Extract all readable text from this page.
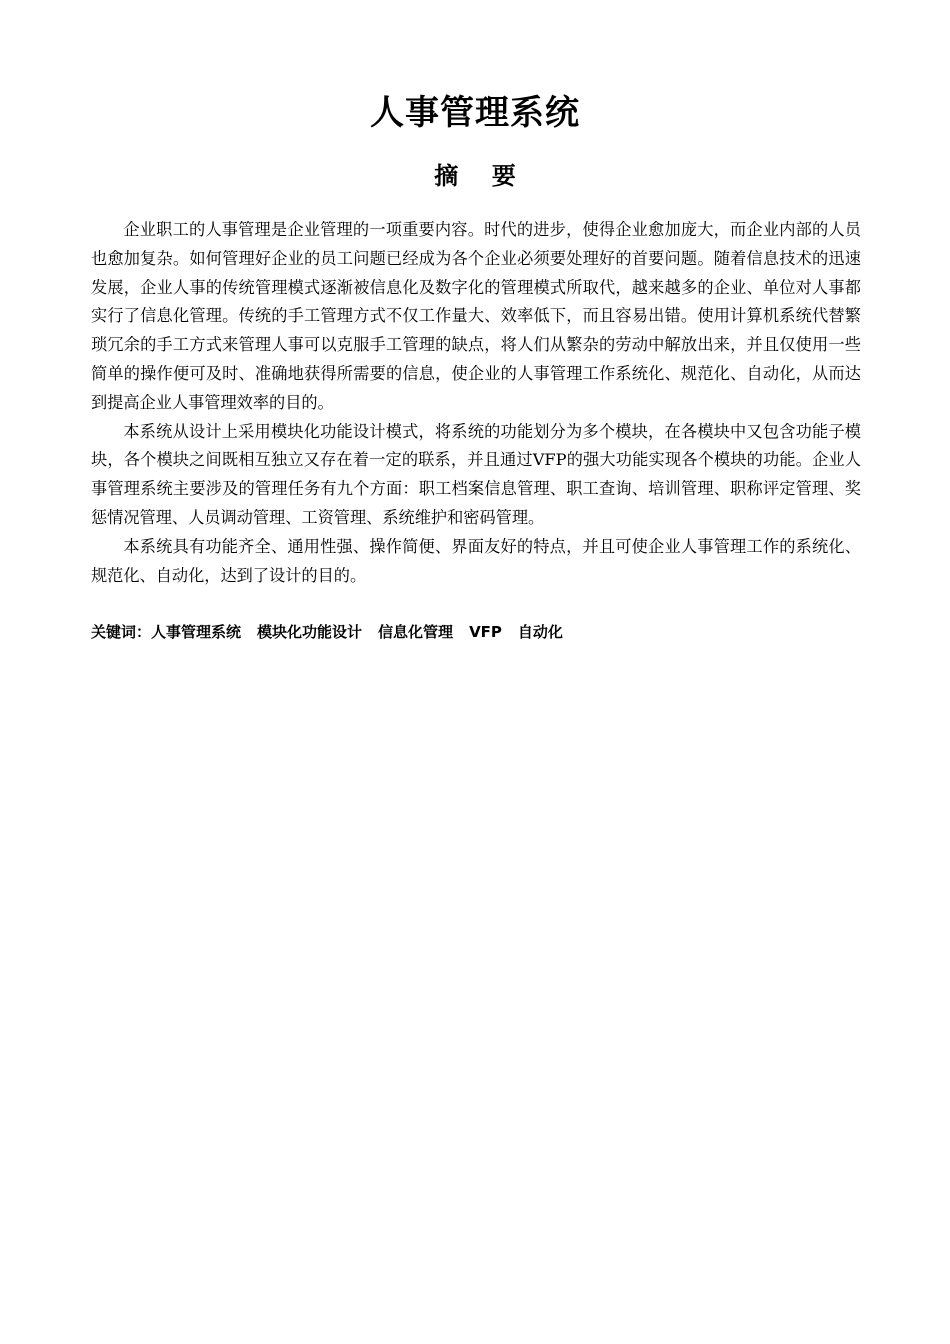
人事管理系统
摘    要

企业职工的人事管理是企业管理的一项重要内容。时代的进步，使得企业愈加庞大，而企业内部的人员也愈加复杂。如何管理好企业的员工问题已经成为各个企业必须要处理好的首要问题。随着信息技术的迅速发展，企业人事的传统管理模式逐渐被信息化及数字化的管理模式所取代，越来越多的企业、单位对人事都实行了信息化管理。传统的手工管理方式不仅工作量大、效率低下，而且容易出错。使用计算机系统代替繁琐冗余的手工方式来管理人事可以克服手工管理的缺点，将人们从繁杂的劳动中解放出来，并且仅使用一些简单的操作便可及时、准确地获得所需要的信息，使企业的人事管理工作系统化、规范化、自动化，从而达到提高企业人事管理效率的目的。

本系统从设计上采用模块化功能设计模式，将系统的功能划分为多个模块，在各模块中又包含功能子模块，各个模块之间既相互独立又存在着一定的联系，并且通过VFP的强大功能实现各个模块的功能。企业人事管理系统主要涉及的管理任务有九个方面：职工档案信息管理、职工查询、培训管理、职称评定管理、奖惩情况管理、人员调动管理、工资管理、系统维护和密码管理。

本系统具有功能齐全、通用性强、操作简便、界面友好的特点，并且可使企业人事管理工作的系统化、规范化、自动化，达到了设计的目的。

关键词：人事管理系统 模块化功能设计 信息化管理 VFP 自动化
